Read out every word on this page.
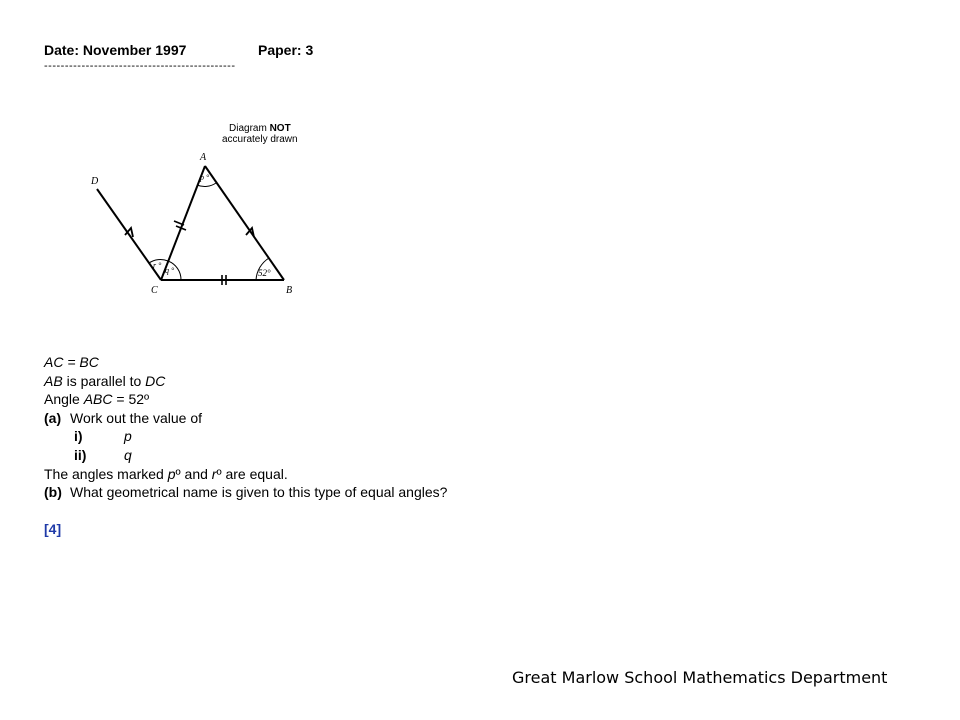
Date: November 1997	Paper: 3
----------------------------------------------
Diagram NOT
accurately drawn
A
B
C
D	p °
r °
q °	52°
AC = BC
AB is parallel to DC
Angle ABC = 52º
(a) Work out the value of
i)	p
ii)	q
The angles marked pº and rº are equal.
(b) What geometrical name is given to this type of equal angles?
[4]
Great Marlow School Mathematics Department
